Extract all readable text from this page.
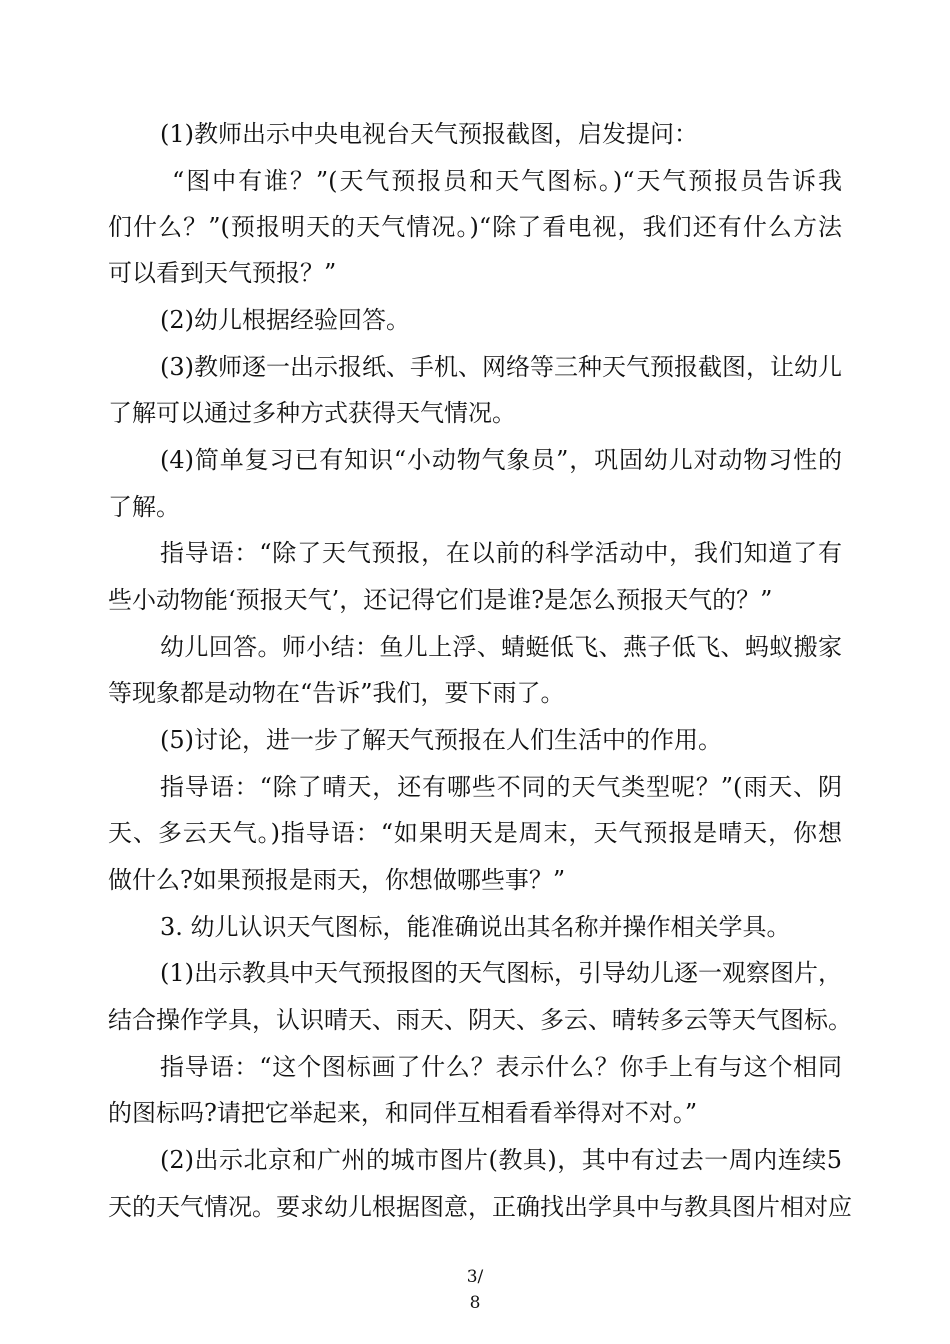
(1)教师出示中央电视台天气预报截图，启发提问：
“图中有谁？”(天气预报员和天气图标。)“天气预报员告诉我
们什么？”(预报明天的天气情况。)“除了看电视，我们还有什么方法
可以看到天气预报？”
(2)幼儿根据经验回答。
(3)教师逐一出示报纸、手机、网络等三种天气预报截图，让幼儿
了解可以通过多种方式获得天气情况。
(4)简单复习已有知识“小动物气象员”，巩固幼儿对动物习性的
了解。
指导语：“除了天气预报，在以前的科学活动中，我们知道了有
些小动物能‘预报天气’，还记得它们是谁?是怎么预报天气的？”
幼儿回答。师小结：鱼儿上浮、蜻蜓低飞、燕子低飞、蚂蚁搬家
等现象都是动物在“告诉”我们，要下雨了。
(5)讨论，进一步了解天气预报在人们生活中的作用。
指导语：“除了晴天，还有哪些不同的天气类型呢？”(雨天、阴
天、多云天气。)指导语：“如果明天是周末，天气预报是晴天，你想
做什么?如果预报是雨天，你想做哪些事？”
3. 幼儿认识天气图标，能准确说出其名称并操作相关学具。
(1)出示教具中天气预报图的天气图标，引导幼儿逐一观察图片，
结合操作学具，认识晴天、雨天、阴天、多云、晴转多云等天气图标。
指导语：“这个图标画了什么？表示什么？你手上有与这个相同
的图标吗?请把它举起来，和同伴互相看看举得对不对。”
(2)出示北京和广州的城市图片(教具)，其中有过去一周内连续5
天的天气情况。要求幼儿根据图意，正确找出学具中与教具图片相对应
3/
8
